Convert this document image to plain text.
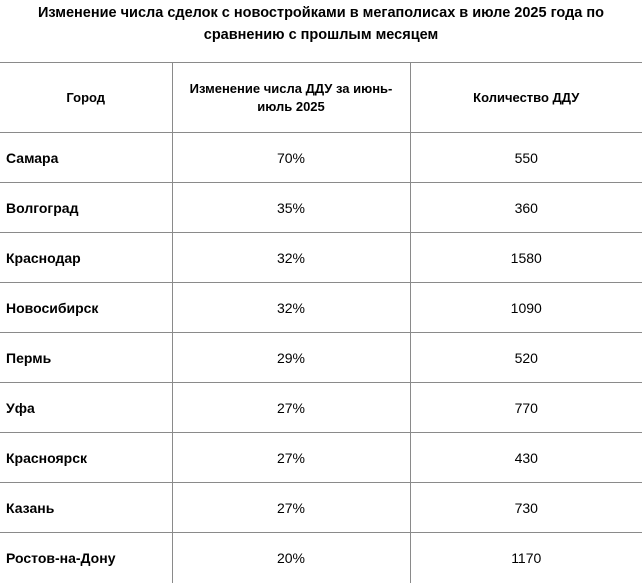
Изменение числа сделок с новостройками в мегаполисах в июле 2025 года по сравнению с прошлым месяцем
Город	Изменение числа ДДУ за июнь-июль 2025	Количество ДДУ
Самара	70%	550
Волгоград	35%	360
Краснодар	32%	1580
Новосибирск	32%	1090
Пермь	29%	520
Уфа	27%	770
Красноярск	27%	430
Казань	27%	730
Ростов-на-Дону	20%	1170
